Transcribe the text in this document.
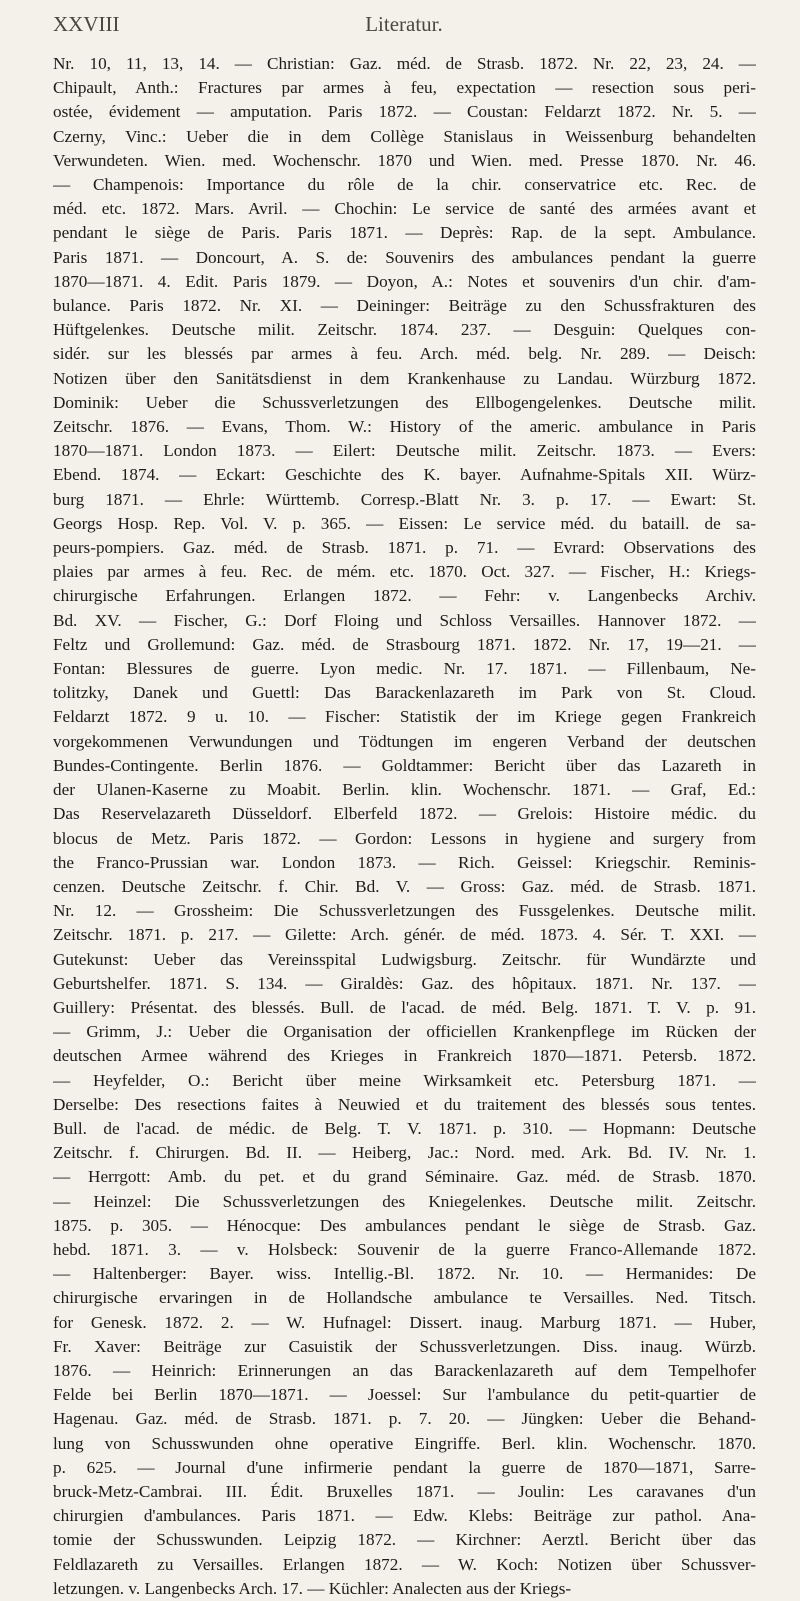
XXVIII	Literatur.
Nr. 10, 11, 13, 14. — Christian: Gaz. méd. de Strasb. 1872. Nr. 22, 23, 24. —
Chipault, Anth.: Fractures par armes à feu, expectation — resection sous peri-
ostée, évidement — amputation. Paris 1872. — Coustan: Feldarzt 1872. Nr. 5. —
Czerny, Vinc.: Ueber die in dem Collège Stanislaus in Weissenburg behandelten
Verwundeten. Wien. med. Wochenschr. 1870 und Wien. med. Presse 1870. Nr. 46.
— Champenois: Importance du rôle de la chir. conservatrice etc. Rec. de
méd. etc. 1872. Mars. Avril. — Chochin: Le service de santé des armées avant et
pendant le siège de Paris. Paris 1871. — Deprès: Rap. de la sept. Ambulance.
Paris 1871. — Doncourt, A. S. de: Souvenirs des ambulances pendant la guerre
1870—1871. 4. Edit. Paris 1879. — Doyon, A.: Notes et souvenirs d'un chir. d'am-
bulance. Paris 1872. Nr. XI. — Deininger: Beiträge zu den Schussfrakturen des
Hüftgelenkes. Deutsche milit. Zeitschr. 1874. 237. — Desguin: Quelques con-
sidér. sur les blessés par armes à feu. Arch. méd. belg. Nr. 289. — Deisch:
Notizen über den Sanitätsdienst in dem Krankenhause zu Landau. Würzburg 1872.
Dominik: Ueber die Schussverletzungen des Ellbogengelenkes. Deutsche milit.
Zeitschr. 1876. — Evans, Thom. W.: History of the americ. ambulance in Paris
1870—1871. London 1873. — Eilert: Deutsche milit. Zeitschr. 1873. — Evers:
Ebend. 1874. — Eckart: Geschichte des K. bayer. Aufnahme-Spitals XII. Würz-
burg 1871. — Ehrle: Württemb. Corresp.-Blatt Nr. 3. p. 17. — Ewart: St.
Georgs Hosp. Rep. Vol. V. p. 365. — Eissen: Le service méd. du bataill. de sa-
peurs-pompiers. Gaz. méd. de Strasb. 1871. p. 71. — Evrard: Observations des
plaies par armes à feu. Rec. de mém. etc. 1870. Oct. 327. — Fischer, H.: Kriegs-
chirurgische Erfahrungen. Erlangen 1872. — Fehr: v. Langenbecks Archiv.
Bd. XV. — Fischer, G.: Dorf Floing und Schloss Versailles. Hannover 1872. —
Feltz und Grollemund: Gaz. méd. de Strasbourg 1871. 1872. Nr. 17, 19—21. —
Fontan: Blessures de guerre. Lyon medic. Nr. 17. 1871. — Fillenbaum, Ne-
tolitzky, Danek und Guettl: Das Barackenlazareth im Park von St. Cloud.
Feldarzt 1872. 9 u. 10. — Fischer: Statistik der im Kriege gegen Frankreich
vorgekommenen Verwundungen und Tödtungen im engeren Verband der deutschen
Bundes-Contingente. Berlin 1876. — Goldtammer: Bericht über das Lazareth in
der Ulanen-Kaserne zu Moabit. Berlin. klin. Wochenschr. 1871. — Graf, Ed.:
Das Reservelazareth Düsseldorf. Elberfeld 1872. — Grelois: Histoire médic. du
blocus de Metz. Paris 1872. — Gordon: Lessons in hygiene and surgery from
the Franco-Prussian war. London 1873. — Rich. Geissel: Kriegschir. Reminis-
cenzen. Deutsche Zeitschr. f. Chir. Bd. V. — Gross: Gaz. méd. de Strasb. 1871.
Nr. 12. — Grossheim: Die Schussverletzungen des Fussgelenkes. Deutsche milit.
Zeitschr. 1871. p. 217. — Gilette: Arch. génér. de méd. 1873. 4. Sér. T. XXI. —
Gutekunst: Ueber das Vereinsspital Ludwigsburg. Zeitschr. für Wundärzte und
Geburtshelfer. 1871. S. 134. — Giraldès: Gaz. des hôpitaux. 1871. Nr. 137. —
Guillery: Présentat. des blessés. Bull. de l'acad. de méd. Belg. 1871. T. V. p. 91.
— Grimm, J.: Ueber die Organisation der officiellen Krankenpflege im Rücken der
deutschen Armee während des Krieges in Frankreich 1870—1871. Petersb. 1872.
— Heyfelder, O.: Bericht über meine Wirksamkeit etc. Petersburg 1871. —
Derselbe: Des resections faites à Neuwied et du traitement des blessés sous tentes.
Bull. de l'acad. de médic. de Belg. T. V. 1871. p. 310. — Hopmann: Deutsche
Zeitschr. f. Chirurgen. Bd. II. — Heiberg, Jac.: Nord. med. Ark. Bd. IV. Nr. 1.
— Herrgott: Amb. du pet. et du grand Séminaire. Gaz. méd. de Strasb. 1870.
— Heinzel: Die Schussverletzungen des Kniegelenkes. Deutsche milit. Zeitschr.
1875. p. 305. — Hénocque: Des ambulances pendant le siège de Strasb. Gaz.
hebd. 1871. 3. — v. Holsbeck: Souvenir de la guerre Franco-Allemande 1872.
— Haltenberger: Bayer. wiss. Intellig.-Bl. 1872. Nr. 10. — Hermanides: De
chirurgische ervaringen in de Hollandsche ambulance te Versailles. Ned. Titsch.
for Genesk. 1872. 2. — W. Hufnagel: Dissert. inaug. Marburg 1871. — Huber,
Fr. Xaver: Beiträge zur Casuistik der Schussverletzungen. Diss. inaug. Würzb.
1876. — Heinrich: Erinnerungen an das Barackenlazareth auf dem Tempelhofer
Felde bei Berlin 1870—1871. — Joessel: Sur l'ambulance du petit-quartier de
Hagenau. Gaz. méd. de Strasb. 1871. p. 7. 20. — Jüngken: Ueber die Behand-
lung von Schusswunden ohne operative Eingriffe. Berl. klin. Wochenschr. 1870.
p. 625. — Journal d'une infirmerie pendant la guerre de 1870—1871, Sarre-
bruck-Metz-Cambrai. III. Édit. Bruxelles 1871. — Joulin: Les caravanes d'un
chirurgien d'ambulances. Paris 1871. — Edw. Klebs: Beiträge zur pathol. Ana-
tomie der Schusswunden. Leipzig 1872. — Kirchner: Aerztl. Bericht über das
Feldlazareth zu Versailles. Erlangen 1872. — W. Koch: Notizen über Schussver-
letzungen. v. Langenbecks Arch. 17. — Küchler: Analecten aus der Kriegs-
